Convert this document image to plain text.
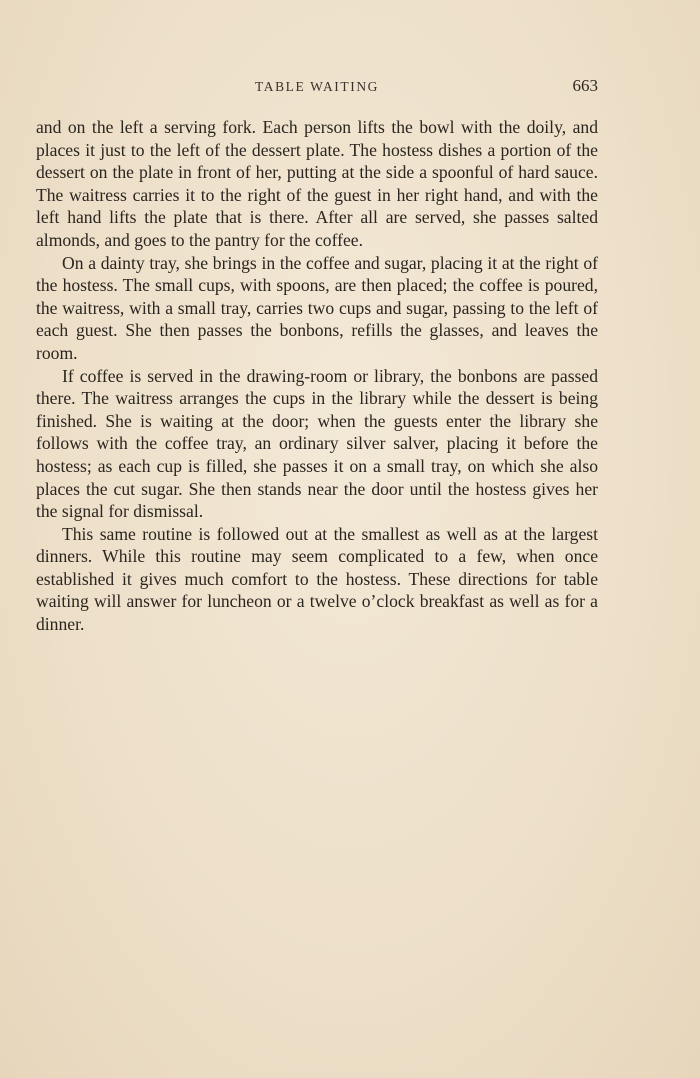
TABLE WAITING	663

and on the left a serving fork. Each person lifts the bowl with the doily, and places it just to the left of the dessert plate. The hostess dishes a portion of the dessert on the plate in front of her, putting at the side a spoonful of hard sauce. The waitress carries it to the right of the guest in her right hand, and with the left hand lifts the plate that is there. After all are served, she passes salted almonds, and goes to the pantry for the coffee.

On a dainty tray, she brings in the coffee and sugar, placing it at the right of the hostess. The small cups, with spoons, are then placed; the coffee is poured, the waitress, with a small tray, carries two cups and sugar, passing to the left of each guest. She then passes the bonbons, refills the glasses, and leaves the room.

If coffee is served in the drawing-room or library, the bonbons are passed there. The waitress arranges the cups in the library while the dessert is being finished. She is waiting at the door; when the guests enter the library she follows with the coffee tray, an ordinary silver salver, placing it before the hostess; as each cup is filled, she passes it on a small tray, on which she also places the cut sugar. She then stands near the door until the hostess gives her the signal for dismissal.

This same routine is followed out at the smallest as well as at the largest dinners. While this routine may seem complicated to a few, when once established it gives much comfort to the hostess. These directions for table waiting will answer for luncheon or a twelve o’clock breakfast as well as for a dinner.
